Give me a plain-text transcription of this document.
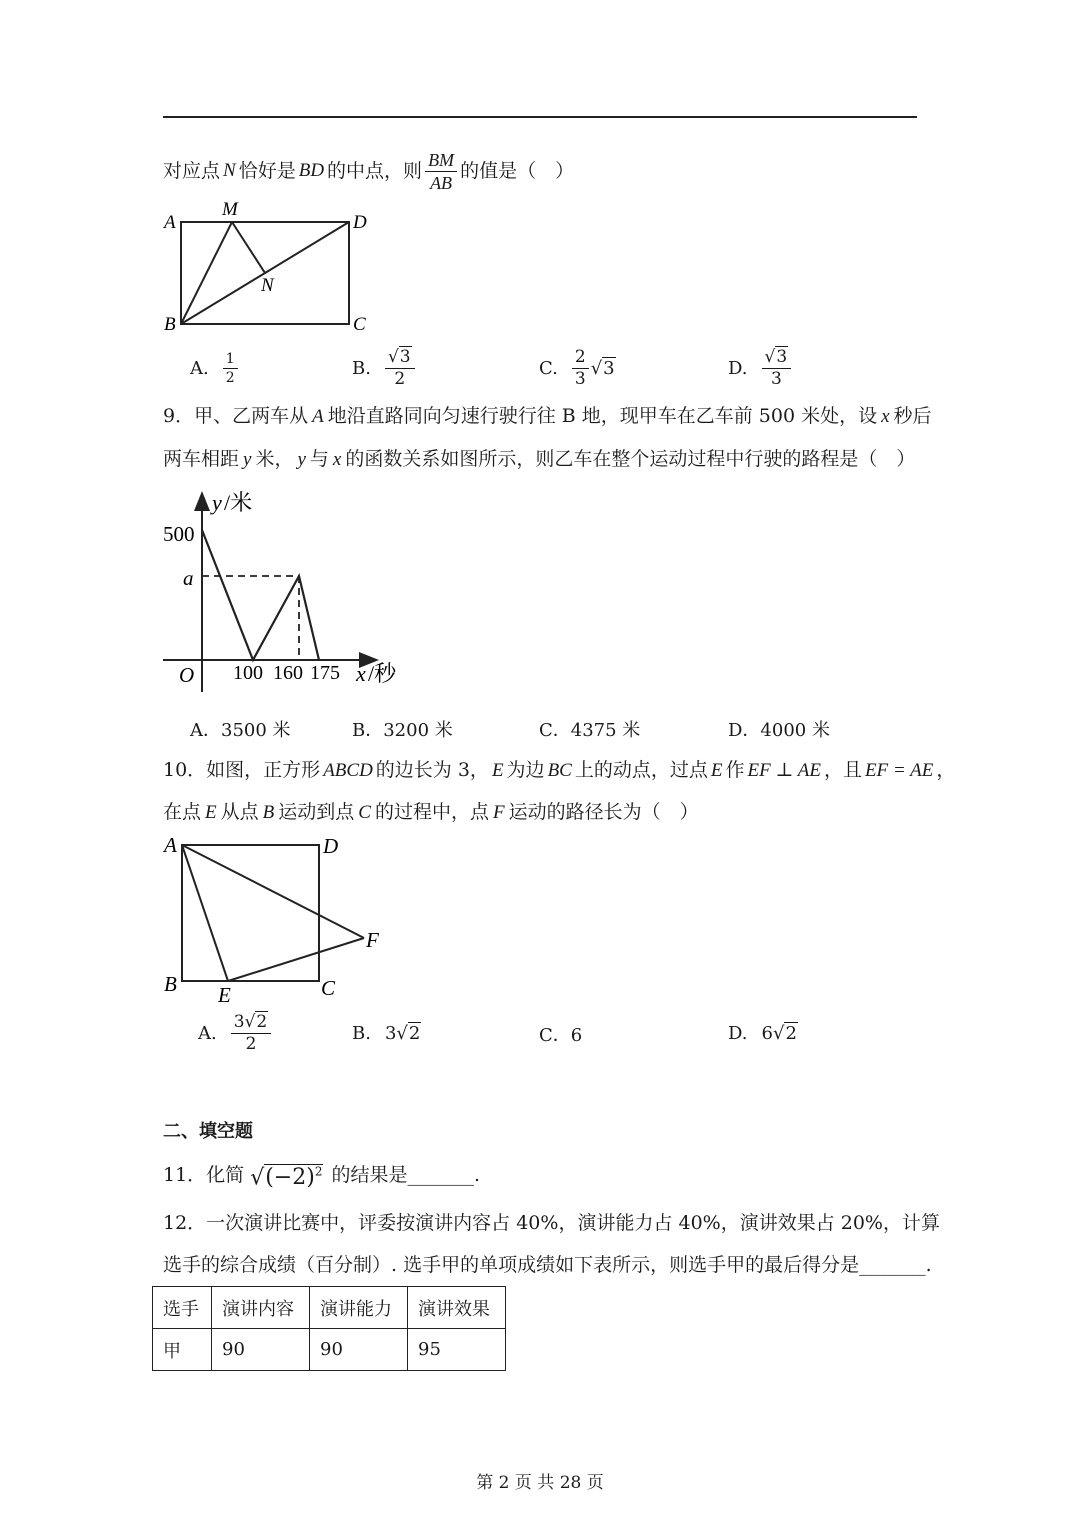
对应点 N 恰好是 BD 的中点，则 $\frac{BM}{AB}$ 的值是（　）
A
M
D
N
B	C
A. $\frac{1}{2}$	B. $\frac{√3}{2}$	C. $\frac{2}{3} √3$	D. $\frac{√3}{3}$
9．甲、乙两车从 A 地沿直路同向匀速行驶行往 B 地，现甲车在乙车前 500 米处，设 x 秒后
两车相距 y 米， y 与 x 的函数关系如图所示，则乙车在整个运动过程中行驶的路程是（　）
y /米
500
a
O 100 160 175 x /秒
A．3500 米	B．3200 米	C．4375 米	D．4000 米
10．如图，正方形 ABCD 的边长为 3， E 为边 BC 上的动点，过点 E 作 EF ⊥ AE ，且 EF = AE ，
在点 E 从点 B 运动到点 C 的过程中，点 F 运动的路径长为（　）
A	D
F
B E	C
A. $\frac{3√2}{2}$	B. 3 √2	C．6	D. 6 √2
二、填空题
11．化简 $√(-2)^2$ 的结果是_______.
12．一次演讲比赛中，评委按演讲内容占 40%，演讲能力占 40%，演讲效果占 20%，计算
选手的综合成绩（百分制）. 选手甲的单项成绩如下表所示，则选手甲的最后得分是_______.
选手	演讲内容	演讲能力	演讲效果
甲	90	90	95
第 2 页 共 28 页
